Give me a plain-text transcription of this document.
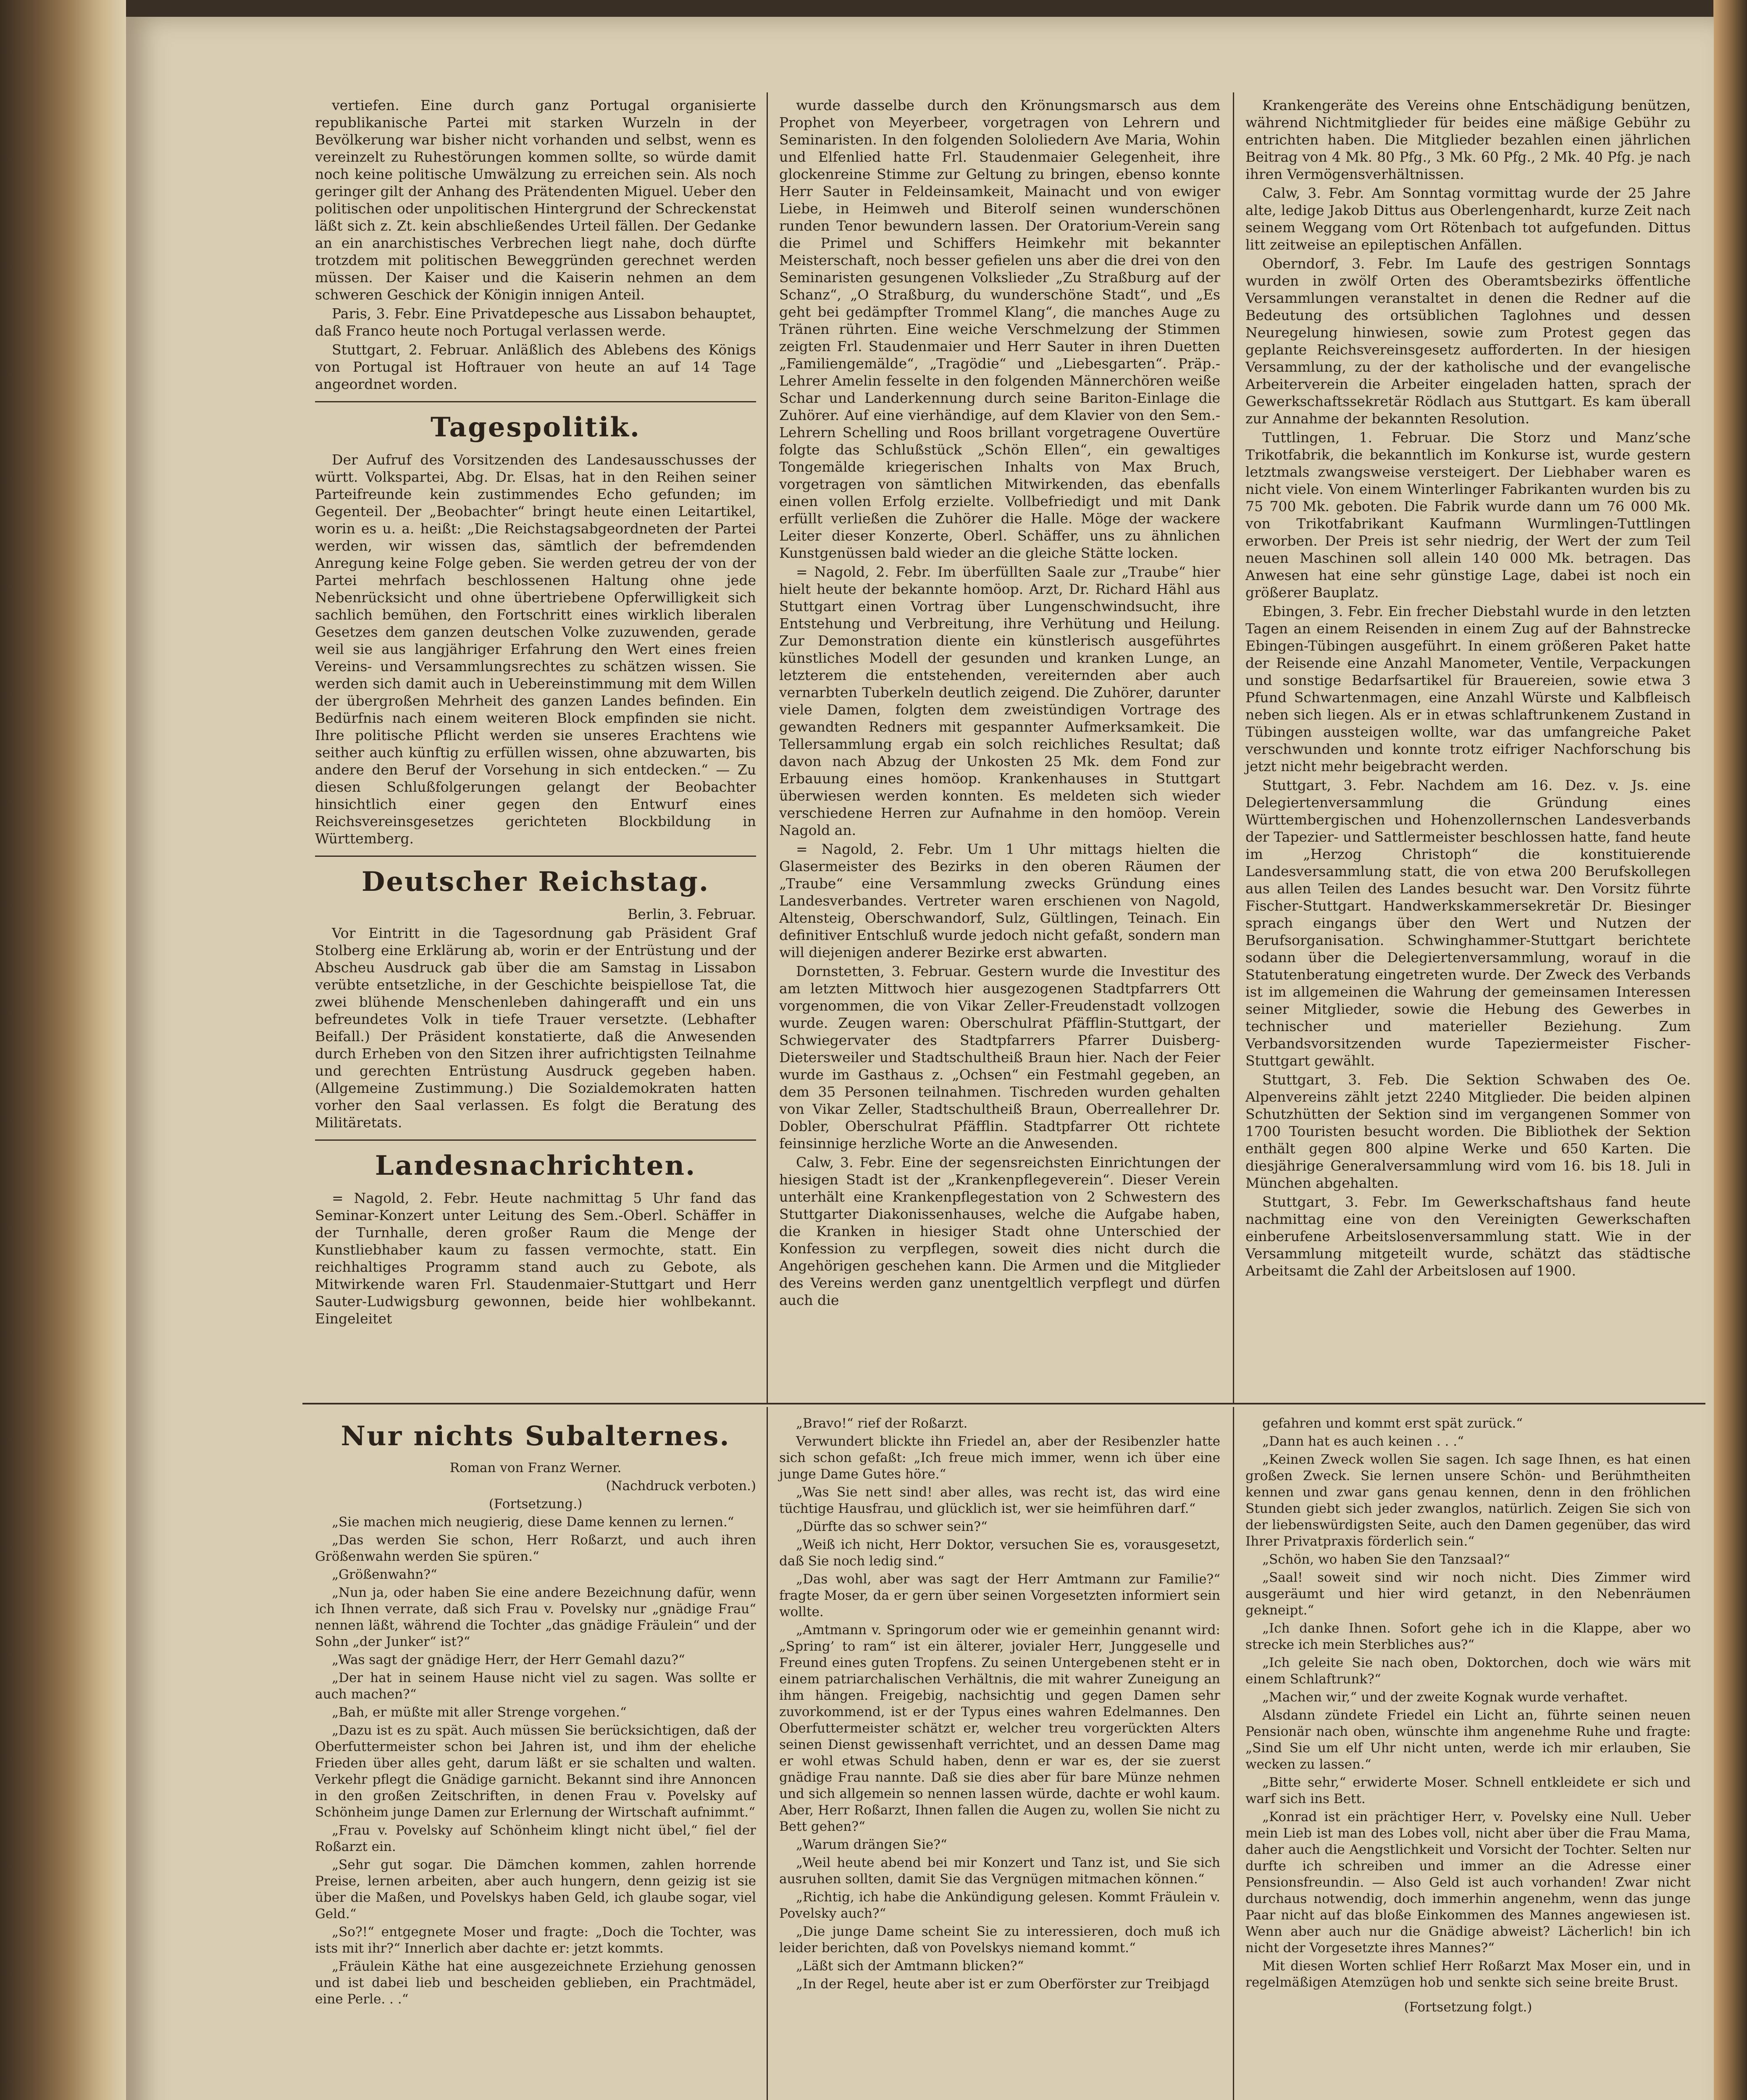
vertiefen. Eine durch ganz Portugal organisierte republikanische Partei mit starken Wurzeln in der Bevölkerung war bisher nicht vorhanden und selbst, wenn es vereinzelt zu Ruhestörungen kommen sollte, so würde damit noch keine politische Umwälzung zu erreichen sein. Als noch geringer gilt der Anhang des Prätendenten Miguel. Ueber den politischen oder unpolitischen Hintergrund der Schreckenstat läßt sich z. Zt. kein abschließendes Urteil fällen. Der Gedanke an ein anarchistisches Verbrechen liegt nahe, doch dürfte trotzdem mit politischen Beweggründen gerechnet werden müssen. Der Kaiser und die Kaiserin nehmen an dem schweren Geschick der Königin innigen Anteil.

Paris, 3. Febr. Eine Privatdepesche aus Lissabon behauptet, daß Franco heute noch Portugal verlassen werde.

Stuttgart, 2. Februar. Anläßlich des Ablebens des Königs von Portugal ist Hoftrauer von heute an auf 14 Tage angeordnet worden.

Tagespolitik.

Der Aufruf des Vorsitzenden des Landesausschusses der württ. Volkspartei, Abg. Dr. Elsas, hat in den Reihen seiner Parteifreunde kein zustimmendes Echo gefunden; im Gegenteil. Der „Beobachter“ bringt heute einen Leitartikel, worin es u. a. heißt: „Die Reichstagsabgeordneten der Partei werden, wir wissen das, sämtlich der befremdenden Anregung keine Folge geben. Sie werden getreu der von der Partei mehrfach beschlossenen Haltung ohne jede Nebenrücksicht und ohne übertriebene Opferwilligkeit sich sachlich bemühen, den Fortschritt eines wirklich liberalen Gesetzes dem ganzen deutschen Volke zuzuwenden, gerade weil sie aus langjähriger Erfahrung den Wert eines freien Vereins- und Versammlungsrechtes zu schätzen wissen. Sie werden sich damit auch in Uebereinstimmung mit dem Willen der übergroßen Mehrheit des ganzen Landes befinden. Ein Bedürfnis nach einem weiteren Block empfinden sie nicht. Ihre politische Pflicht werden sie unseres Erachtens wie seither auch künftig zu erfüllen wissen, ohne abzuwarten, bis andere den Beruf der Vorsehung in sich entdecken.“ — Zu diesen Schlußfolgerungen gelangt der Beobachter hinsichtlich einer gegen den Entwurf eines Reichsvereinsgesetzes gerichteten Blockbildung in Württemberg.

Deutscher Reichstag.

Berlin, 3. Februar.

Vor Eintritt in die Tagesordnung gab Präsident Graf Stolberg eine Erklärung ab, worin er der Entrüstung und der Abscheu Ausdruck gab über die am Samstag in Lissabon verübte entsetzliche, in der Geschichte beispiellose Tat, die zwei blühende Menschenleben dahingerafft und ein uns befreundetes Volk in tiefe Trauer versetzte. (Lebhafter Beifall.) Der Präsident konstatierte, daß die Anwesenden durch Erheben von den Sitzen ihrer aufrichtigsten Teilnahme und gerechten Entrüstung Ausdruck gegeben haben. (Allgemeine Zustimmung.) Die Sozialdemokraten hatten vorher den Saal verlassen. Es folgt die Beratung des Militäretats.

Landesnachrichten.

= Nagold, 2. Febr. Heute nachmittag 5 Uhr fand das Seminar-Konzert unter Leitung des Sem.-Oberl. Schäffer in der Turnhalle, deren großer Raum die Menge der Kunstliebhaber kaum zu fassen vermochte, statt. Ein reichhaltiges Programm stand auch zu Gebote, als Mitwirkende waren Frl. Staudenmaier-Stuttgart und Herr Sauter-Ludwigsburg gewonnen, beide hier wohlbekannt. Eingeleitet

wurde dasselbe durch den Krönungsmarsch aus dem Prophet von Meyerbeer, vorgetragen von Lehrern und Seminaristen. In den folgenden Sololiedern Ave Maria, Wohin und Elfenlied hatte Frl. Staudenmaier Gelegenheit, ihre glockenreine Stimme zur Geltung zu bringen, ebenso konnte Herr Sauter in Feldeinsamkeit, Mainacht und von ewiger Liebe, in Heimweh und Biterolf seinen wunderschönen runden Tenor bewundern lassen. Der Oratorium-Verein sang die Primel und Schiffers Heimkehr mit bekannter Meisterschaft, noch besser gefielen uns aber die drei von den Seminaristen gesungenen Volkslieder „Zu Straßburg auf der Schanz“, „O Straßburg, du wunderschöne Stadt“, und „Es geht bei gedämpfter Trommel Klang“, die manches Auge zu Tränen rührten. Eine weiche Verschmelzung der Stimmen zeigten Frl. Staudenmaier und Herr Sauter in ihren Duetten „Familiengemälde“, „Tragödie“ und „Liebesgarten“. Präp.-Lehrer Amelin fesselte in den folgenden Männerchören weiße Schar und Landerkennung durch seine Bariton-Einlage die Zuhörer. Auf eine vierhändige, auf dem Klavier von den Sem.-Lehrern Schelling und Roos brillant vorgetragene Ouvertüre folgte das Schlußstück „Schön Ellen“, ein gewaltiges Tongemälde kriegerischen Inhalts von Max Bruch, vorgetragen von sämtlichen Mitwirkenden, das ebenfalls einen vollen Erfolg erzielte. Vollbefriedigt und mit Dank erfüllt verließen die Zuhörer die Halle. Möge der wackere Leiter dieser Konzerte, Oberl. Schäffer, uns zu ähnlichen Kunstgenüssen bald wieder an die gleiche Stätte locken.

= Nagold, 2. Febr. Im überfüllten Saale zur „Traube“ hier hielt heute der bekannte homöop. Arzt, Dr. Richard Hähl aus Stuttgart einen Vortrag über Lungenschwindsucht, ihre Entstehung und Verbreitung, ihre Verhütung und Heilung. Zur Demonstration diente ein künstlerisch ausgeführtes künstliches Modell der gesunden und kranken Lunge, an letzterem die entstehenden, vereiternden aber auch vernarbten Tuberkeln deutlich zeigend. Die Zuhörer, darunter viele Damen, folgten dem zweistündigen Vortrage des gewandten Redners mit gespannter Aufmerksamkeit. Die Tellersammlung ergab ein solch reichliches Resultat; daß davon nach Abzug der Unkosten 25 Mk. dem Fond zur Erbauung eines homöop. Krankenhauses in Stuttgart überwiesen werden konnten. Es meldeten sich wieder verschiedene Herren zur Aufnahme in den homöop. Verein Nagold an.

= Nagold, 2. Febr. Um 1 Uhr mittags hielten die Glasermeister des Bezirks in den oberen Räumen der „Traube“ eine Versammlung zwecks Gründung eines Landesverbandes. Vertreter waren erschienen von Nagold, Altensteig, Oberschwandorf, Sulz, Gültlingen, Teinach. Ein definitiver Entschluß wurde jedoch nicht gefaßt, sondern man will diejenigen anderer Bezirke erst abwarten.

Dornstetten, 3. Februar. Gestern wurde die Investitur des am letzten Mittwoch hier ausgezogenen Stadtpfarrers Ott vorgenommen, die von Vikar Zeller-Freudenstadt vollzogen wurde. Zeugen waren: Oberschulrat Pfäfflin-Stuttgart, der Schwiegervater des Stadtpfarrers Pfarrer Duisberg-Dietersweiler und Stadtschultheiß Braun hier. Nach der Feier wurde im Gasthaus z. „Ochsen“ ein Festmahl gegeben, an dem 35 Personen teilnahmen. Tischreden wurden gehalten von Vikar Zeller, Stadtschultheiß Braun, Oberreallehrer Dr. Dobler, Oberschulrat Pfäfflin. Stadtpfarrer Ott richtete feinsinnige herzliche Worte an die Anwesenden.

Calw, 3. Febr. Eine der segensreichsten Einrichtungen der hiesigen Stadt ist der „Krankenpflegeverein“. Dieser Verein unterhält eine Krankenpflegestation von 2 Schwestern des Stuttgarter Diakonissenhauses, welche die Aufgabe haben, die Kranken in hiesiger Stadt ohne Unterschied der Konfession zu verpflegen, soweit dies nicht durch die Angehörigen geschehen kann. Die Armen und die Mitglieder des Vereins werden ganz unentgeltlich verpflegt und dürfen auch die

Krankengeräte des Vereins ohne Entschädigung benützen, während Nichtmitglieder für beides eine mäßige Gebühr zu entrichten haben. Die Mitglieder bezahlen einen jährlichen Beitrag von 4 Mk. 80 Pfg., 3 Mk. 60 Pfg., 2 Mk. 40 Pfg. je nach ihren Vermögensverhältnissen.

Calw, 3. Febr. Am Sonntag vormittag wurde der 25 Jahre alte, ledige Jakob Dittus aus Oberlengenhardt, kurze Zeit nach seinem Weggang vom Ort Rötenbach tot aufgefunden. Dittus litt zeitweise an epileptischen Anfällen.

Oberndorf, 3. Febr. Im Laufe des gestrigen Sonntags wurden in zwölf Orten des Oberamtsbezirks öffentliche Versammlungen veranstaltet in denen die Redner auf die Bedeutung des ortsüblichen Taglohnes und dessen Neuregelung hinwiesen, sowie zum Protest gegen das geplante Reichsvereinsgesetz aufforderten. In der hiesigen Versammlung, zu der der katholische und der evangelische Arbeiterverein die Arbeiter eingeladen hatten, sprach der Gewerkschaftssekretär Rödlach aus Stuttgart. Es kam überall zur Annahme der bekannten Resolution.

Tuttlingen, 1. Februar. Die Storz und Manz’sche Trikotfabrik, die bekanntlich im Konkurse ist, wurde gestern letztmals zwangsweise versteigert. Der Liebhaber waren es nicht viele. Von einem Winterlinger Fabrikanten wurden bis zu 75 700 Mk. geboten. Die Fabrik wurde dann um 76 000 Mk. von Trikotfabrikant Kaufmann Wurmlingen-Tuttlingen erworben. Der Preis ist sehr niedrig, der Wert der zum Teil neuen Maschinen soll allein 140 000 Mk. betragen. Das Anwesen hat eine sehr günstige Lage, dabei ist noch ein größerer Bauplatz.

Ebingen, 3. Febr. Ein frecher Diebstahl wurde in den letzten Tagen an einem Reisenden in einem Zug auf der Bahnstrecke Ebingen-Tübingen ausgeführt. In einem größeren Paket hatte der Reisende eine Anzahl Manometer, Ventile, Verpackungen und sonstige Bedarfsartikel für Brauereien, sowie etwa 3 Pfund Schwartenmagen, eine Anzahl Würste und Kalbfleisch neben sich liegen. Als er in etwas schlaftrunkenem Zustand in Tübingen aussteigen wollte, war das umfangreiche Paket verschwunden und konnte trotz eifriger Nachforschung bis jetzt nicht mehr beigebracht werden.

Stuttgart, 3. Febr. Nachdem am 16. Dez. v. Js. eine Delegiertenversammlung die Gründung eines Württembergischen und Hohenzollernschen Landesverbands der Tapezier- und Sattlermeister beschlossen hatte, fand heute im „Herzog Christoph“ die konstituierende Landesversammlung statt, die von etwa 200 Berufskollegen aus allen Teilen des Landes besucht war. Den Vorsitz führte Fischer-Stuttgart. Handwerkskammersekretär Dr. Biesinger sprach eingangs über den Wert und Nutzen der Berufsorganisation. Schwinghammer-Stuttgart berichtete sodann über die Delegiertenversammlung, worauf in die Statutenberatung eingetreten wurde. Der Zweck des Verbands ist im allgemeinen die Wahrung der gemeinsamen Interessen seiner Mitglieder, sowie die Hebung des Gewerbes in technischer und materieller Beziehung. Zum Verbandsvorsitzenden wurde Tapeziermeister Fischer-Stuttgart gewählt.

Stuttgart, 3. Feb. Die Sektion Schwaben des Oe. Alpenvereins zählt jetzt 2240 Mitglieder. Die beiden alpinen Schutzhütten der Sektion sind im vergangenen Sommer von 1700 Touristen besucht worden. Die Bibliothek der Sektion enthält gegen 800 alpine Werke und 650 Karten. Die diesjährige Generalversammlung wird vom 16. bis 18. Juli in München abgehalten.

Stuttgart, 3. Febr. Im Gewerkschaftshaus fand heute nachmittag eine von den Vereinigten Gewerkschaften einberufene Arbeitslosenversammlung statt. Wie in der Versammlung mitgeteilt wurde, schätzt das städtische Arbeitsamt die Zahl der Arbeitslosen auf 1900.

Nur nichts Subalternes.

Roman von Franz Werner.

(Nachdruck verboten.)

(Fortsetzung.)

„Sie machen mich neugierig, diese Dame kennen zu lernen.“

„Das werden Sie schon, Herr Roßarzt, und auch ihren Größenwahn werden Sie spüren.“

„Größenwahn?“

„Nun ja, oder haben Sie eine andere Bezeichnung dafür, wenn ich Ihnen verrate, daß sich Frau v. Povelsky nur „gnädige Frau“ nennen läßt, während die Tochter „das gnädige Fräulein“ und der Sohn „der Junker“ ist?“

„Was sagt der gnädige Herr, der Herr Gemahl dazu?“

„Der hat in seinem Hause nicht viel zu sagen. Was sollte er auch machen?“

„Bah, er müßte mit aller Strenge vorgehen.“

„Dazu ist es zu spät. Auch müssen Sie berücksichtigen, daß der Oberfuttermeister schon bei Jahren ist, und ihm der eheliche Frieden über alles geht, darum läßt er sie schalten und walten. Verkehr pflegt die Gnädige garnicht. Bekannt sind ihre Annoncen in den großen Zeitschriften, in denen Frau v. Povelsky auf Schönheim junge Damen zur Erlernung der Wirtschaft aufnimmt.“

„Frau v. Povelsky auf Schönheim klingt nicht übel,“ fiel der Roßarzt ein.

„Sehr gut sogar. Die Dämchen kommen, zahlen horrende Preise, lernen arbeiten, aber auch hungern, denn geizig ist sie über die Maßen, und Povelskys haben Geld, ich glaube sogar, viel Geld.“

„So?!“ entgegnete Moser und fragte: „Doch die Tochter, was ists mit ihr?“ Innerlich aber dachte er: jetzt kommts.

„Fräulein Käthe hat eine ausgezeichnete Erziehung genossen und ist dabei lieb und bescheiden geblieben, ein Prachtmädel, eine Perle. . .“

„Bravo!“ rief der Roßarzt.

Verwundert blickte ihn Friedel an, aber der Resibenzler hatte sich schon gefaßt: „Ich freue mich immer, wenn ich über eine junge Dame Gutes höre.“

„Was Sie nett sind! aber alles, was recht ist, das wird eine tüchtige Hausfrau, und glücklich ist, wer sie heimführen darf.“

„Dürfte das so schwer sein?“

„Weiß ich nicht, Herr Doktor, versuchen Sie es, vorausgesetzt, daß Sie noch ledig sind.“

„Das wohl, aber was sagt der Herr Amtmann zur Familie?“ fragte Moser, da er gern über seinen Vorgesetzten informiert sein wollte.

„Amtmann v. Springorum oder wie er gemeinhin genannt wird: „Spring’ to ram“ ist ein älterer, jovialer Herr, Junggeselle und Freund eines guten Tropfens. Zu seinen Untergebenen steht er in einem patriarchalischen Verhältnis, die mit wahrer Zuneigung an ihm hängen. Freigebig, nachsichtig und gegen Damen sehr zuvorkommend, ist er der Typus eines wahren Edelmannes. Den Oberfuttermeister schätzt er, welcher treu vorgerückten Alters seinen Dienst gewissenhaft verrichtet, und an dessen Dame mag er wohl etwas Schuld haben, denn er war es, der sie zuerst gnädige Frau nannte. Daß sie dies aber für bare Münze nehmen und sich allgemein so nennen lassen würde, dachte er wohl kaum. Aber, Herr Roßarzt, Ihnen fallen die Augen zu, wollen Sie nicht zu Bett gehen?“

„Warum drängen Sie?“

„Weil heute abend bei mir Konzert und Tanz ist, und Sie sich ausruhen sollten, damit Sie das Vergnügen mitmachen können.“

„Richtig, ich habe die Ankündigung gelesen. Kommt Fräulein v. Povelsky auch?“

„Die junge Dame scheint Sie zu interessieren, doch muß ich leider berichten, daß von Povelskys niemand kommt.“

„Läßt sich der Amtmann blicken?“

„In der Regel, heute aber ist er zum Oberförster zur Treibjagd

gefahren und kommt erst spät zurück.“

„Dann hat es auch keinen . . .“

„Keinen Zweck wollen Sie sagen. Ich sage Ihnen, es hat einen großen Zweck. Sie lernen unsere Schön- und Berühmtheiten kennen und zwar gans genau kennen, denn in den fröhlichen Stunden giebt sich jeder zwanglos, natürlich. Zeigen Sie sich von der liebenswürdigsten Seite, auch den Damen gegenüber, das wird Ihrer Privatpraxis förderlich sein.“

„Schön, wo haben Sie den Tanzsaal?“

„Saal! soweit sind wir noch nicht. Dies Zimmer wird ausgeräumt und hier wird getanzt, in den Nebenräumen gekneipt.“

„Ich danke Ihnen. Sofort gehe ich in die Klappe, aber wo strecke ich mein Sterbliches aus?“

„Ich geleite Sie nach oben, Doktorchen, doch wie wärs mit einem Schlaftrunk?“

„Machen wir,“ und der zweite Kognak wurde verhaftet.

Alsdann zündete Friedel ein Licht an, führte seinen neuen Pensionär nach oben, wünschte ihm angenehme Ruhe und fragte: „Sind Sie um elf Uhr nicht unten, werde ich mir erlauben, Sie wecken zu lassen.“

„Bitte sehr,“ erwiderte Moser. Schnell entkleidete er sich und warf sich ins Bett.

„Konrad ist ein prächtiger Herr, v. Povelsky eine Null. Ueber mein Lieb ist man des Lobes voll, nicht aber über die Frau Mama, daher auch die Aengstlichkeit und Vorsicht der Tochter. Selten nur durfte ich schreiben und immer an die Adresse einer Pensionsfreundin. — Also Geld ist auch vorhanden! Zwar nicht durchaus notwendig, doch immerhin angenehm, wenn das junge Paar nicht auf das bloße Einkommen des Mannes angewiesen ist. Wenn aber auch nur die Gnädige abweist? Lächerlich! bin ich nicht der Vorgesetzte ihres Mannes?“

Mit diesen Worten schlief Herr Roßarzt Max Moser ein, und in regelmäßigen Atemzügen hob und senkte sich seine breite Brust.

(Fortsetzung folgt.)
